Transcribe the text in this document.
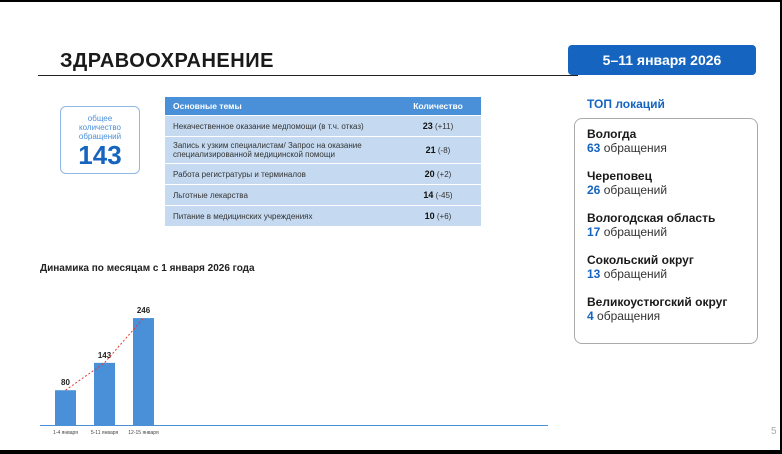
ЗДРАВООХРАНЕНИЕ	5–11 января 2026
общее
количество
обращений
143
Основные темы	Количество
Некачественное оказание медпомощи (в т.ч. отказ)	23 (+11)
Запись к узким специалистам/ Запрос на оказание специализированной медицинской помощи	21 (-8)
Работа регистратуры и терминалов	20 (+2)
Льготные лекарства	14 (-45)
Питание в медицинских учреждениях	10 (+6)
Динамика по месяцам с 1 января 2026 года
80
1-4 января
143
5-11 января
246
12-15 января
ТОП локаций
Вологда
63 обращения
Череповец
26 обращений
Вологодская область
17 обращений
Сокольский округ
13 обращений
Великоустюгский округ
4 обращения
5
